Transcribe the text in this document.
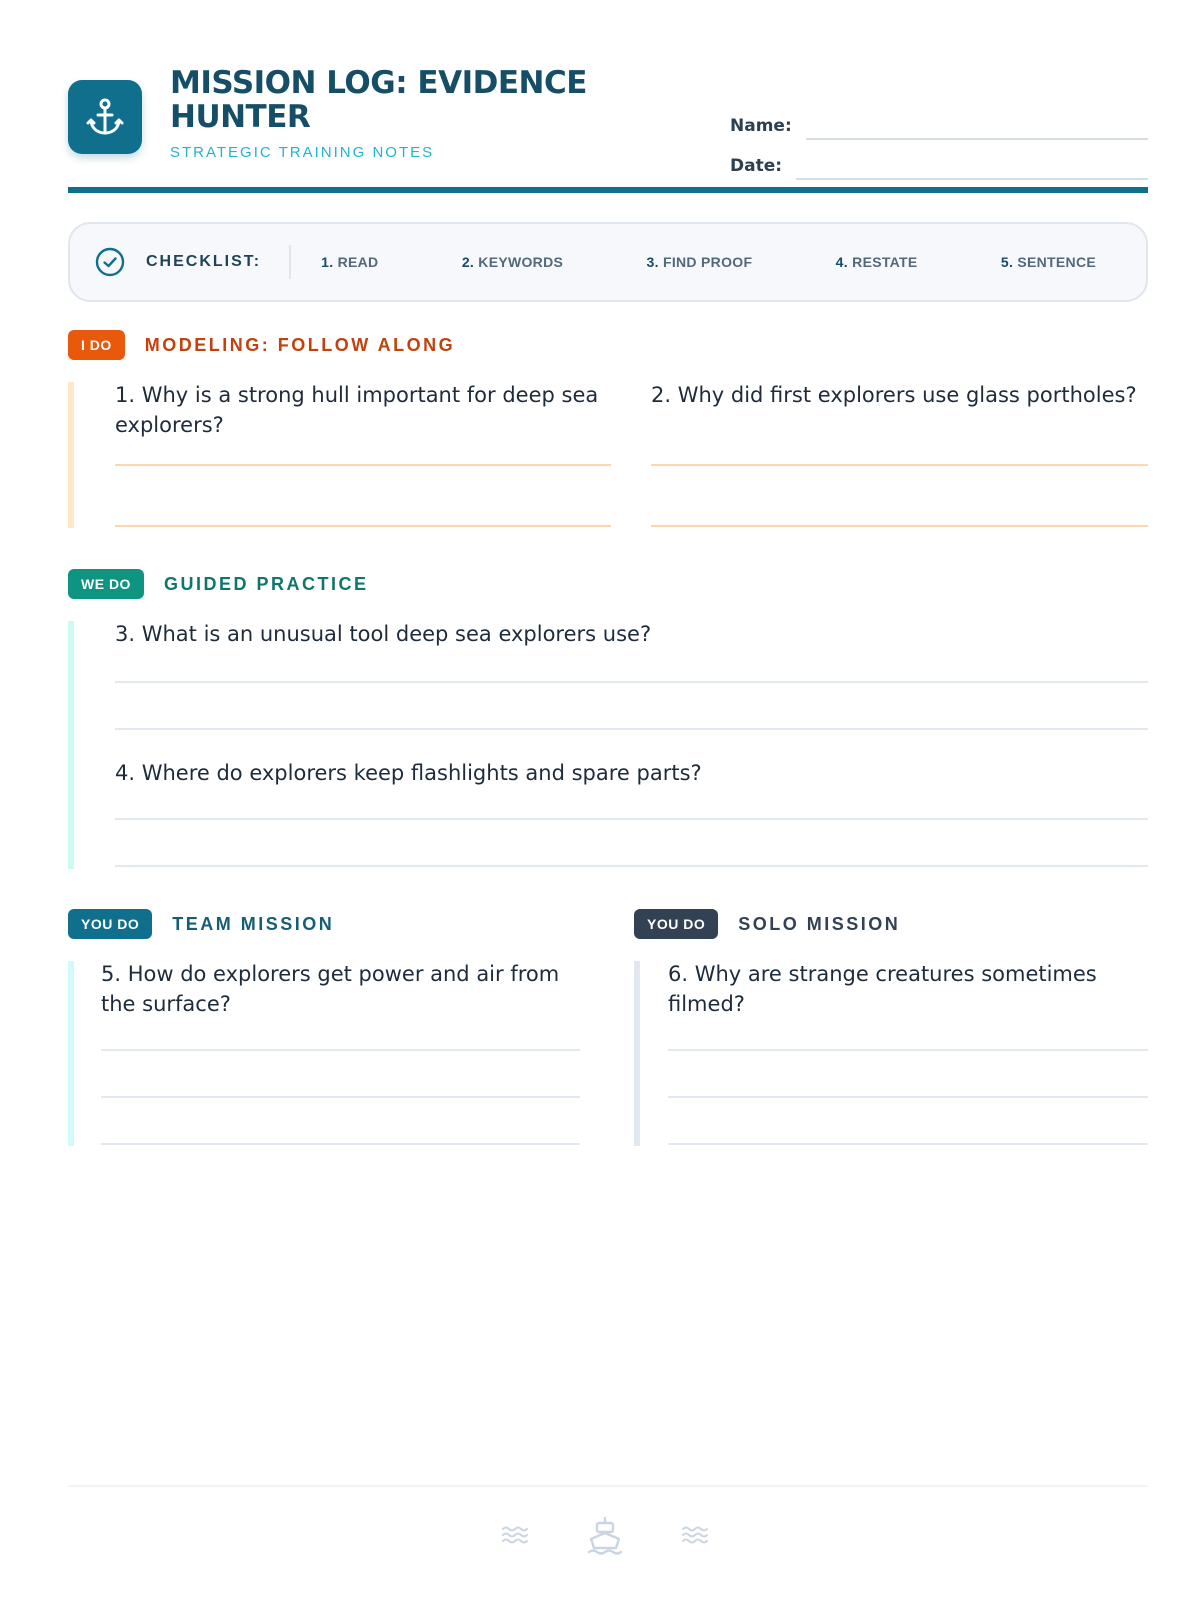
MISSION LOG: EVIDENCE HUNTER
STRATEGIC TRAINING NOTES
Name:
Date:
CHECKLIST:	1. READ	2. KEYWORDS	3. FIND PROOF	4. RESTATE	5. SENTENCE
I DO	MODELING: FOLLOW ALONG
1. Why is a strong hull important for deep sea explorers?
2. Why did first explorers use glass portholes?
WE DO	GUIDED PRACTICE
3. What is an unusual tool deep sea explorers use?
4. Where do explorers keep flashlights and spare parts?
YOU DO	TEAM MISSION
5. How do explorers get power and air from the surface?
YOU DO	SOLO MISSION
6. Why are strange creatures sometimes filmed?
